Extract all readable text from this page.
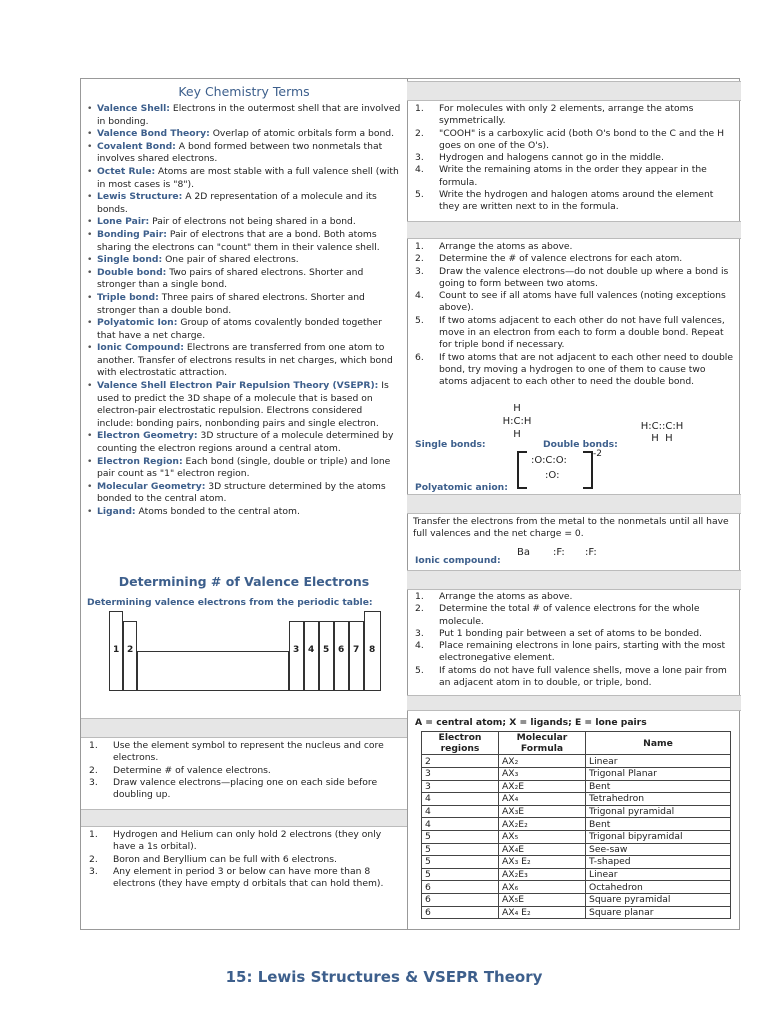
Key Chemistry Terms
• Valence Shell: Electrons in the outermost shell that are involved in bonding.
• Valence Bond Theory: Overlap of atomic orbitals form a bond.
• Covalent Bond: A bond formed between two nonmetals that involves shared electrons.
• Octet Rule: Atoms are most stable with a full valence shell (with in most cases is "8").
• Lewis Structure: A 2D representation of a molecule and its bonds.
• Lone Pair: Pair of electrons not being shared in a bond.
• Bonding Pair: Pair of electrons that are a bond. Both atoms sharing the electrons can "count" them in their valence shell.
• Single bond: One pair of shared electrons.
• Double bond: Two pairs of shared electrons. Shorter and stronger than a single bond.
• Triple bond: Three pairs of shared electrons. Shorter and stronger than a double bond.
• Polyatomic Ion: Group of atoms covalently bonded together that have a net charge.
• Ionic Compound: Electrons are transferred from one atom to another. Transfer of electrons results in net charges, which bond with electrostatic attraction.
• Valence Shell Electron Pair Repulsion Theory (VSEPR): Is used to predict the 3D shape of a molecule that is based on electron-pair electrostatic repulsion. Electrons considered include: bonding pairs, nonbonding pairs and single electron.
• Electron Geometry: 3D structure of a molecule determined by counting the electron regions around a central atom.
• Electron Region: Each bond (single, double or triple) and lone pair count as "1" electron region.
• Molecular Geometry: 3D structure determined by the atoms bonded to the central atom.
• Ligand: Atoms bonded to the central atom.
Determining # of Valence Electrons
Determining valence electrons from the periodic table:
1 2	3 4 5 6 7 8
1. Use the element symbol to represent the nucleus and core electrons.
2. Determine # of valence electrons.
3. Draw valence electrons—placing one on each side before doubling up.
1. Hydrogen and Helium can only hold 2 electrons (they only have a 1s orbital).
2. Boron and Beryllium can be full with 6 electrons.
3. Any element in period 3 or below can have more than 8 electrons (they have empty d orbitals that can hold them).
1. For molecules with only 2 elements, arrange the atoms symmetrically.
2. "COOH" is a carboxylic acid (both O's bond to the C and the H goes on one of the O's).
3. Hydrogen and halogens cannot go in the middle.
4. Write the remaining atoms in the order they appear in the formula.
5. Write the hydrogen and halogen atoms around the element they are written next to in the formula.
1. Arrange the atoms as above.
2. Determine the # of valence electrons for each atom.
3. Draw the valence electrons—do not double up where a bond is going to form between two atoms.
4. Count to see if all atoms have full valences (noting exceptions above).
5. If two atoms adjacent to each other do not have full valences, move in an electron from each to form a double bond. Repeat for triple bond if necessary.
6. If two atoms that are not adjacent to each other need to double bond, try moving a hydrogen to one of them to cause two atoms adjacent to each other to need the double bond.
H
H:C:H
H
Single bonds:
H:C::C:H
H  H
Double bonds:
:O:C:O:
:O:
-2
Polyatomic anion:
Transfer the electrons from the metal to the nonmetals until all have full valences and the net charge = 0.
Ionic compound:
Ba :F: :F:
1. Arrange the atoms as above.
2. Determine the total # of valence electrons for the whole molecule.
3. Put 1 bonding pair between a set of atoms to be bonded.
4. Place remaining electrons in lone pairs, starting with the most electronegative element.
5. If atoms do not have full valence shells, move a lone pair from an adjacent atom in to double, or triple, bond.
A = central atom; X = ligands; E = lone pairs
Electron regions	Molecular Formula	Name
2	AX₂	Linear
3	AX₃	Trigonal Planar
3	AX₂E	Bent
4	AX₄	Tetrahedron
4	AX₃E	Trigonal pyramidal
4	AX₂E₂	Bent
5	AX₅	Trigonal bipyramidal
5	AX₄E	See-saw
5	AX₃ E₂	T-shaped
5	AX₂E₃	Linear
6	AX₆	Octahedron
6	AX₅E	Square pyramidal
6	AX₄ E₂	Square planar
15: Lewis Structures & VSEPR Theory
